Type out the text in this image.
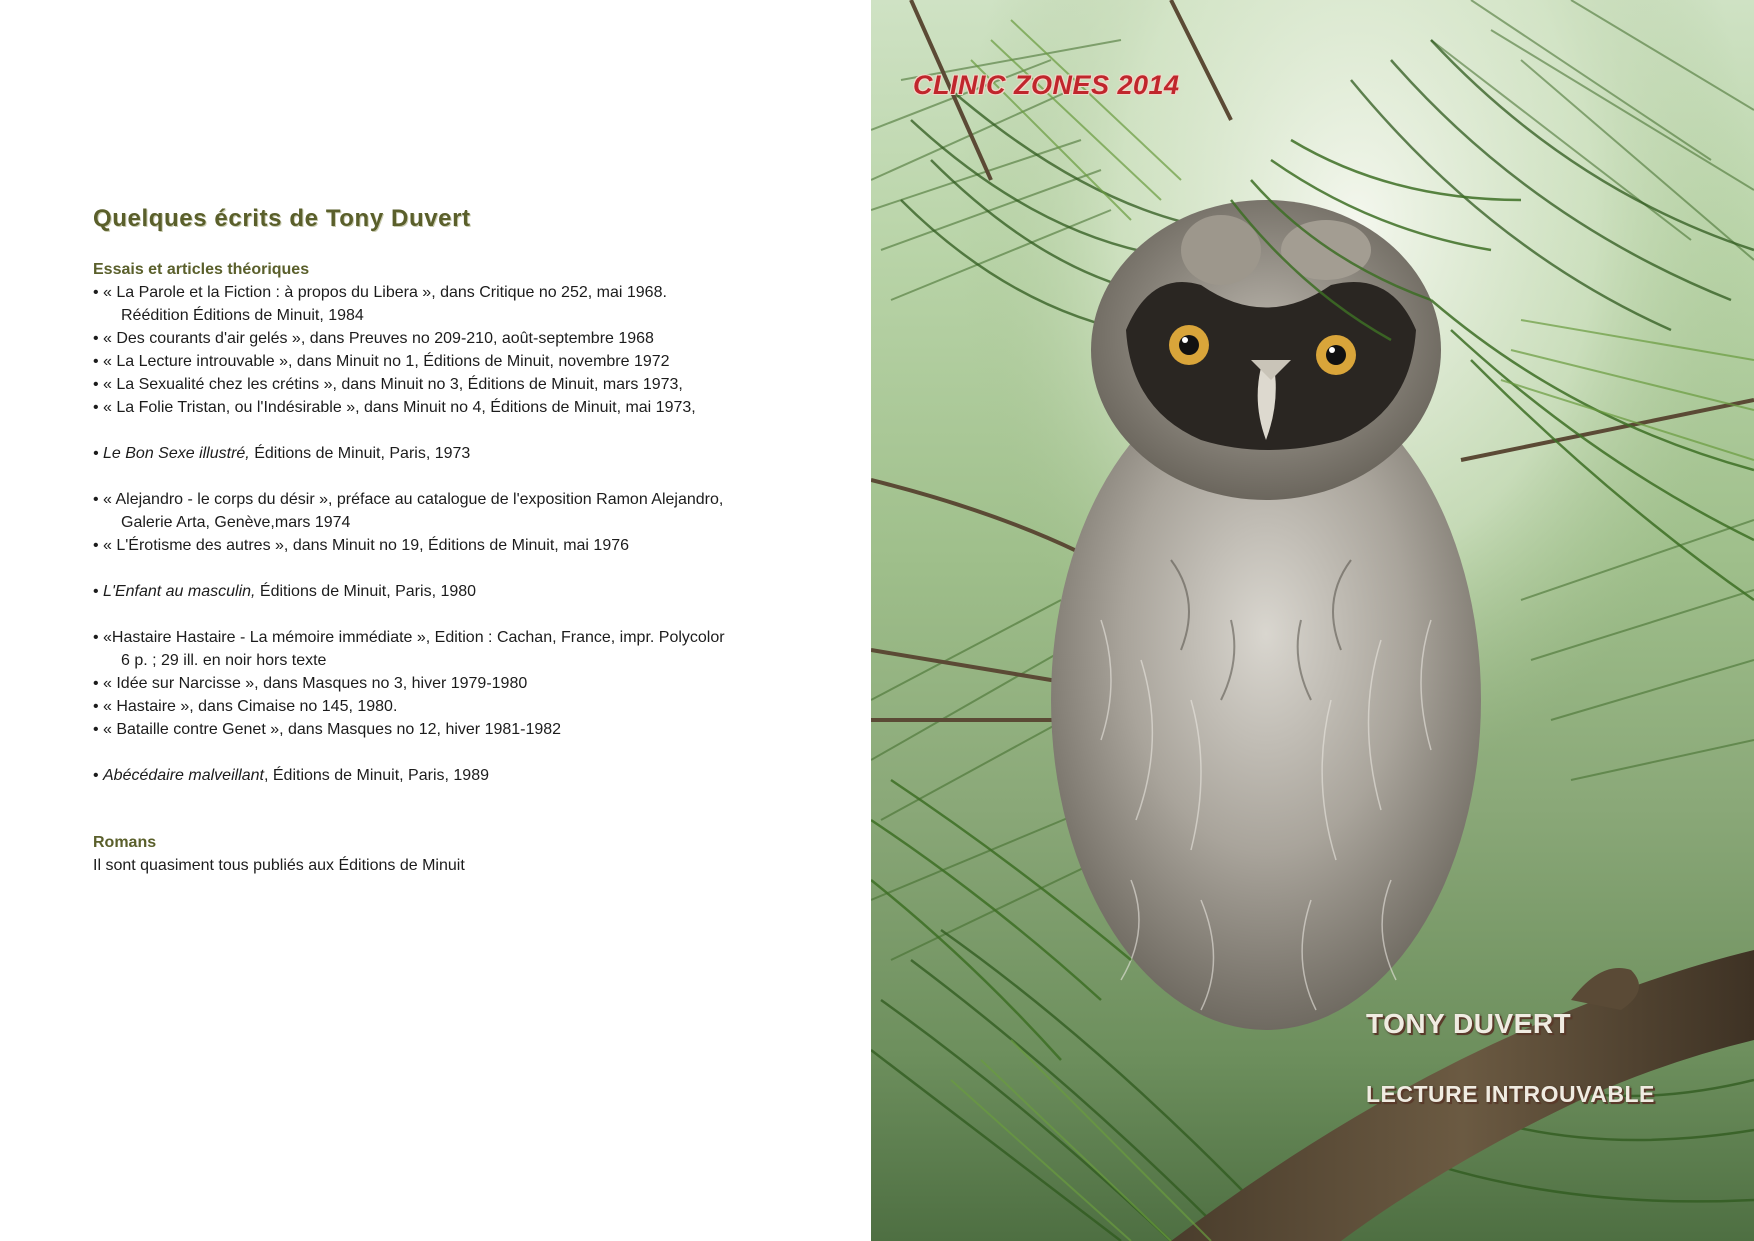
Quelques écrits de Tony Duvert
Essais et articles théoriques

• « La Parole et la Fiction : à propos du Libera », dans Critique no 252, mai 1968.
Réédition Éditions de Minuit, 1984

• « Des courants d'air gelés », dans Preuves no 209-210, août-septembre 1968

• « La Lecture introuvable », dans Minuit no 1, Éditions de Minuit, novembre 1972

• « La Sexualité chez les crétins », dans Minuit no 3, Éditions de Minuit, mars 1973,

• « La Folie Tristan, ou l'Indésirable », dans Minuit no 4, Éditions de Minuit, mai 1973,

• Le Bon Sexe illustré, Éditions de Minuit, Paris, 1973

• « Alejandro - le corps du désir », préface au catalogue de l'exposition Ramon Alejandro,
Galerie Arta, Genève,mars 1974

• « L'Érotisme des autres », dans Minuit no 19, Éditions de Minuit, mai 1976

• L'Enfant au masculin, Éditions de Minuit, Paris, 1980

• «Hastaire Hastaire - La mémoire immédiate », Edition : Cachan, France, impr. Polycolor
6 p. ; 29 ill. en noir hors texte

• « Idée sur Narcisse », dans Masques no 3, hiver 1979-1980

• « Hastaire », dans Cimaise no 145, 1980.

• « Bataille contre Genet », dans Masques no 12, hiver 1981-1982

• Abécédaire malveillant, Éditions de Minuit, Paris, 1989

Romans

Il sont quasiment tous publiés aux Éditions de Minuit

CLINIC ZONES 2014
TONY DUVERT
LECTURE INTROUVABLE
